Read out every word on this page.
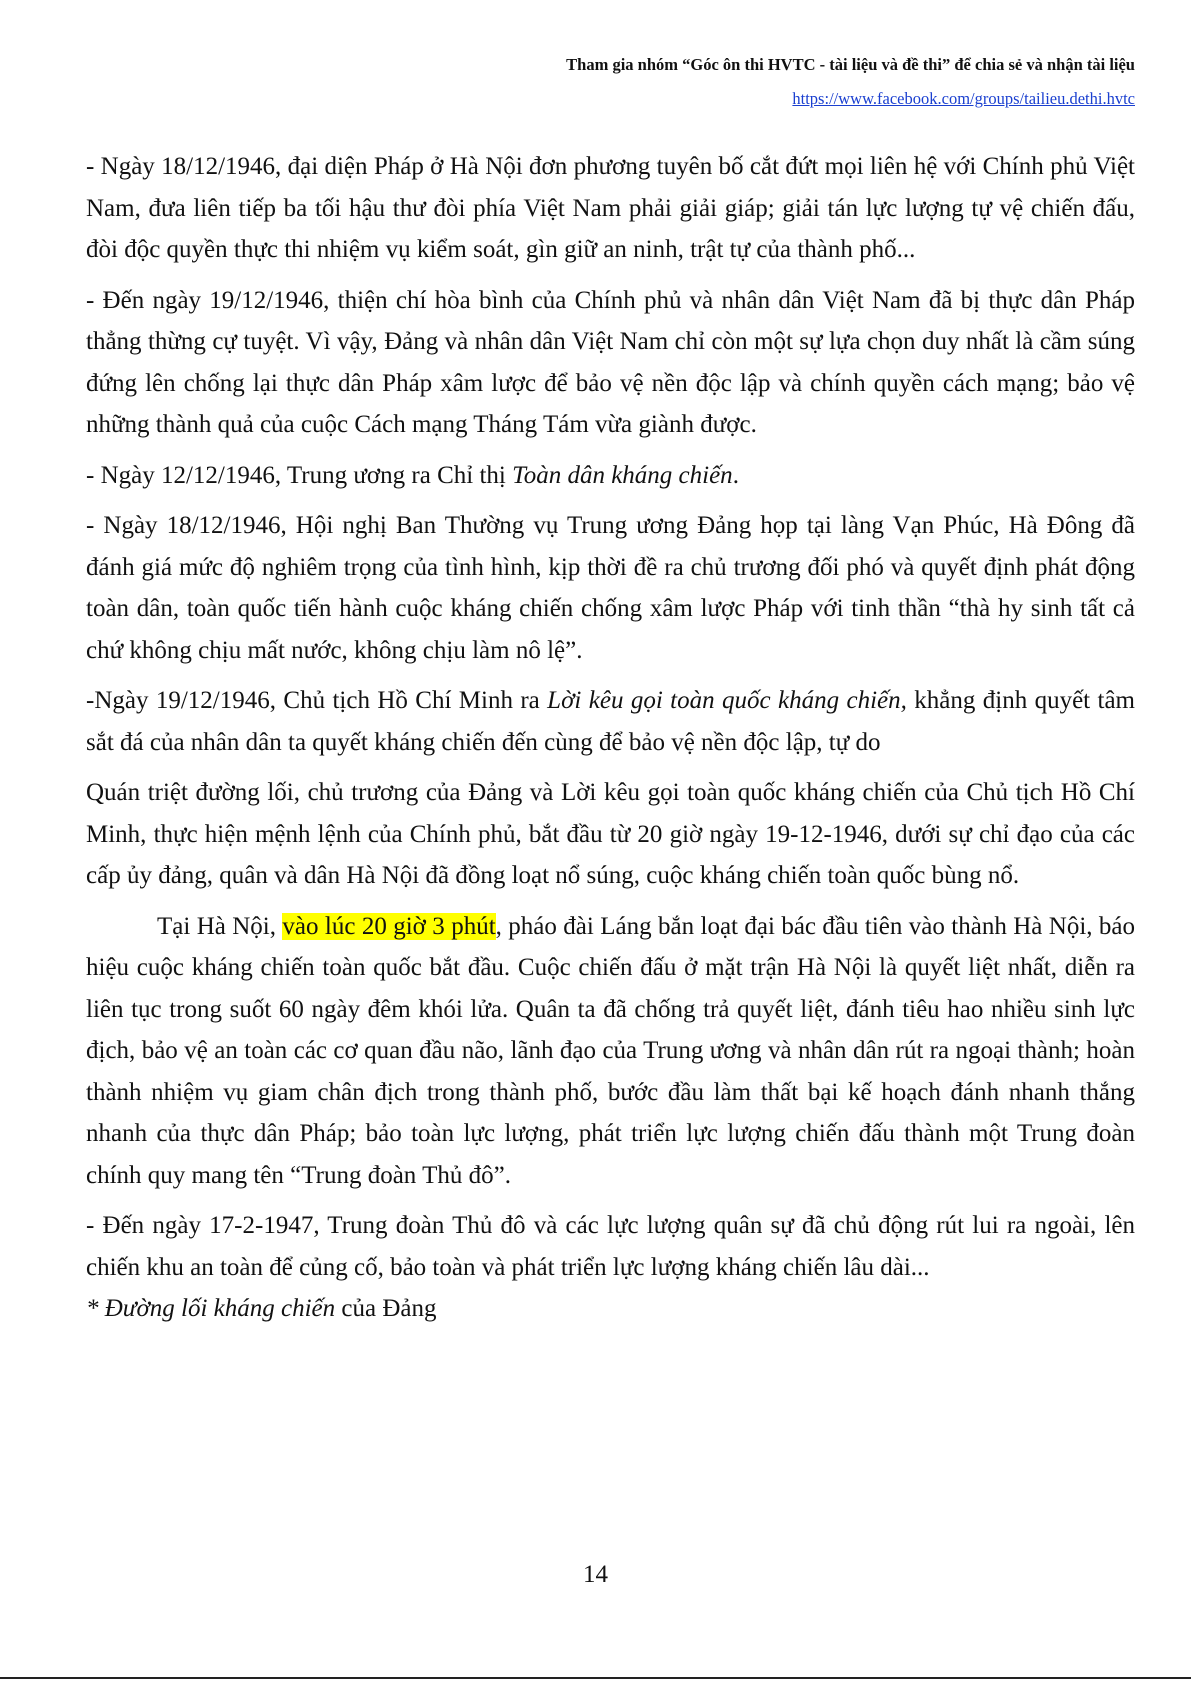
Tham gia nhóm “Góc ôn thi HVTC - tài liệu và đề thi” để chia sẻ và nhận tài liệu
https://www.facebook.com/groups/tailieu.dethi.hvtc

- Ngày 18/12/1946, đại diện Pháp ở Hà Nội đơn phương tuyên bố cắt đứt mọi liên hệ với Chính phủ Việt Nam, đưa liên tiếp ba tối hậu thư đòi phía Việt Nam phải giải giáp; giải tán lực lượng tự vệ chiến đấu, đòi độc quyền thực thi nhiệm vụ kiểm soát, gìn giữ an ninh, trật tự của thành phố...

- Đến ngày 19/12/1946, thiện chí hòa bình của Chính phủ và nhân dân Việt Nam đã bị thực dân Pháp thẳng thừng cự tuyệt. Vì vậy, Đảng và nhân dân Việt Nam chỉ còn một sự lựa chọn duy nhất là cầm súng đứng lên chống lại thực dân Pháp xâm lược để bảo vệ nền độc lập và chính quyền cách mạng; bảo vệ những thành quả của cuộc Cách mạng Tháng Tám vừa giành được.

- Ngày 12/12/1946, Trung ương ra Chỉ thị Toàn dân kháng chiến.

- Ngày 18/12/1946, Hội nghị Ban Thường vụ Trung ương Đảng họp tại làng Vạn Phúc, Hà Đông đã đánh giá mức độ nghiêm trọng của tình hình, kịp thời đề ra chủ trương đối phó và quyết định phát động toàn dân, toàn quốc tiến hành cuộc kháng chiến chống xâm lược Pháp với tinh thần “thà hy sinh tất cả chứ không chịu mất nước, không chịu làm nô lệ”.

-Ngày 19/12/1946, Chủ tịch Hồ Chí Minh ra Lời kêu gọi toàn quốc kháng chiến, khẳng định quyết tâm sắt đá của nhân dân ta quyết kháng chiến đến cùng để bảo vệ nền độc lập, tự do

Quán triệt đường lối, chủ trương của Đảng và Lời kêu gọi toàn quốc kháng chiến của Chủ tịch Hồ Chí Minh, thực hiện mệnh lệnh của Chính phủ, bắt đầu từ 20 giờ ngày 19-12-1946, dưới sự chỉ đạo của các cấp ủy đảng, quân và dân Hà Nội đã đồng loạt nổ súng, cuộc kháng chiến toàn quốc bùng nổ.

Tại Hà Nội, vào lúc 20 giờ 3 phút, pháo đài Láng bắn loạt đại bác đầu tiên vào thành Hà Nội, báo hiệu cuộc kháng chiến toàn quốc bắt đầu. Cuộc chiến đấu ở mặt trận Hà Nội là quyết liệt nhất, diễn ra liên tục trong suốt 60 ngày đêm khói lửa. Quân ta đã chống trả quyết liệt, đánh tiêu hao nhiều sinh lực địch, bảo vệ an toàn các cơ quan đầu não, lãnh đạo của Trung ương và nhân dân rút ra ngoại thành; hoàn thành nhiệm vụ giam chân địch trong thành phố, bước đầu làm thất bại kế hoạch đánh nhanh thắng nhanh của thực dân Pháp; bảo toàn lực lượng, phát triển lực lượng chiến đấu thành một Trung đoàn chính quy mang tên “Trung đoàn Thủ đô”.

- Đến ngày 17-2-1947, Trung đoàn Thủ đô và các lực lượng quân sự đã chủ động rút lui ra ngoài, lên chiến khu an toàn để củng cố, bảo toàn và phát triển lực lượng kháng chiến lâu dài...

* Đường lối kháng chiến của Đảng

14
